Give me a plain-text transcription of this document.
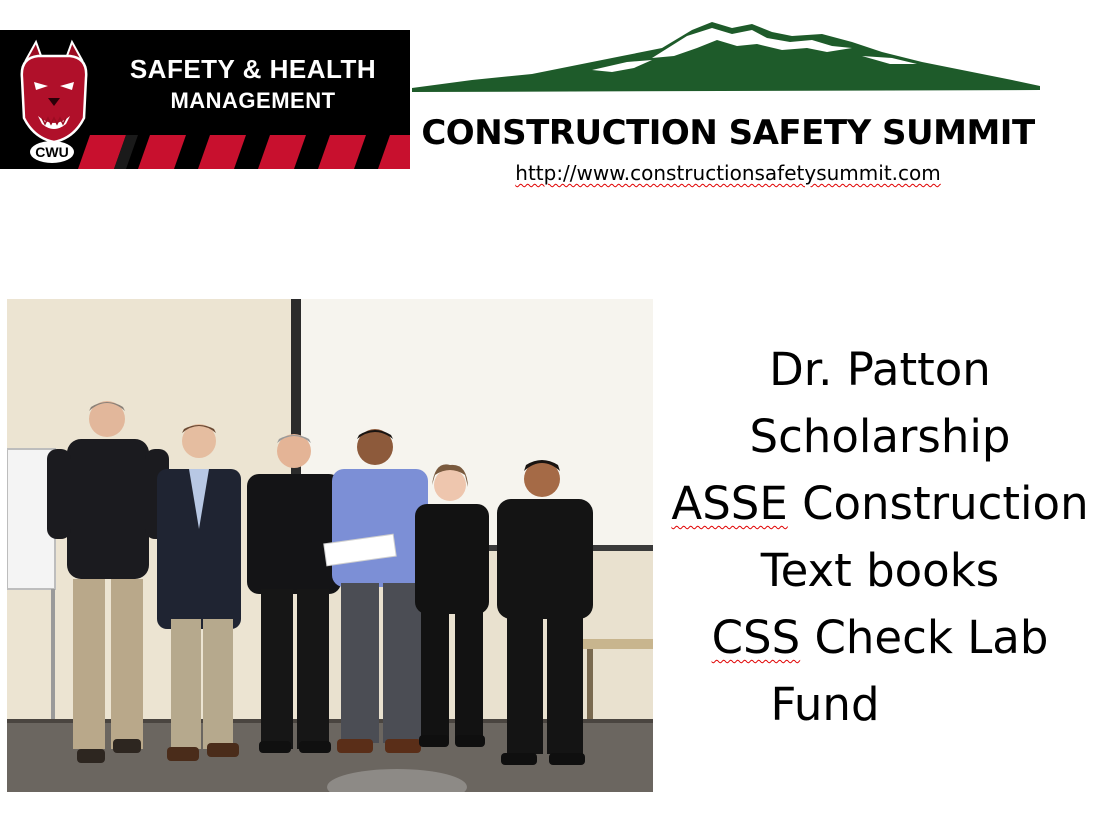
CWU
SAFETY & HEALTH
MANAGEMENT
CONSTRUCTION SAFETY SUMMIT
http://www.constructionsafetysummit.com
Dr. Patton
Scholarship
ASSE Construction
Text books
CSS Check Lab
Fund
